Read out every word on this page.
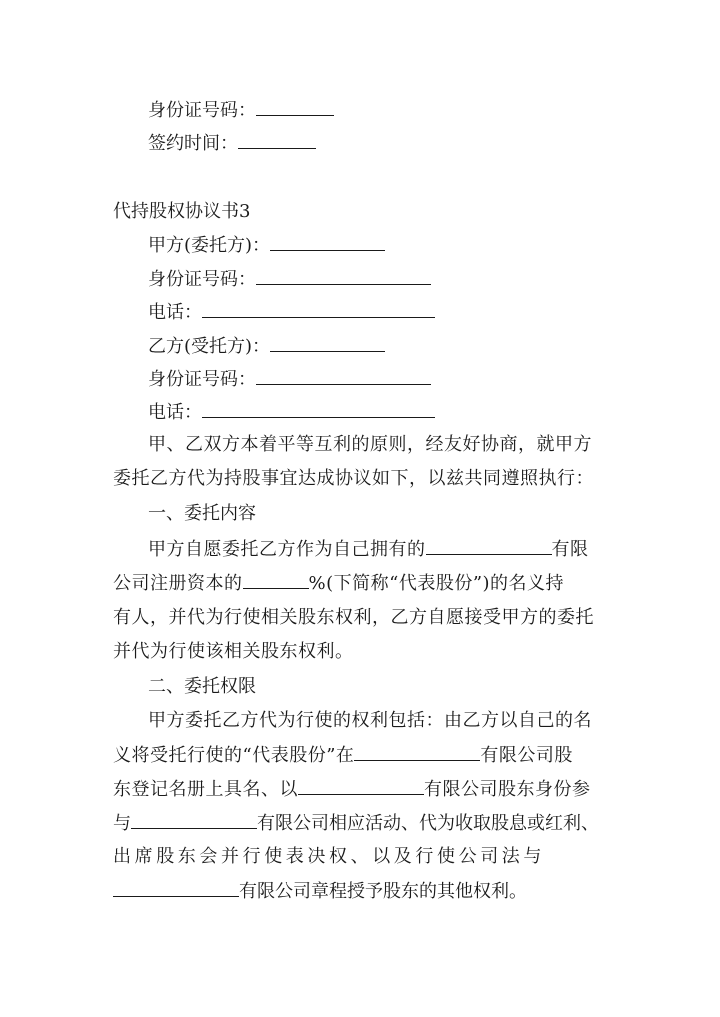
身份证号码：
签约时间：
代持股权协议书3
甲方(委托方)：
身份证号码：
电话：
乙方(受托方)：
身份证号码：
电话：
甲、乙双方本着平等互利的原则，经友好协商，就甲方
委托乙方代为持股事宜达成协议如下，以兹共同遵照执行：
一、委托内容
甲方自愿委托乙方作为自己拥有的	有限
公司注册资本的	%(下简称“代表股份”)的名义持
有人，并代为行使相关股东权利，乙方自愿接受甲方的委托
并代为行使该相关股东权利。
二、委托权限
甲方委托乙方代为行使的权利包括：由乙方以自己的名
义将受托行使的“代表股份”在	有限公司股
东登记名册上具名、以	有限公司股东身份参
与	有限公司相应活动、代为收取股息或红利、
出席股东会并行使表决权、以及行使公司法与
有限公司章程授予股东的其他权利。
